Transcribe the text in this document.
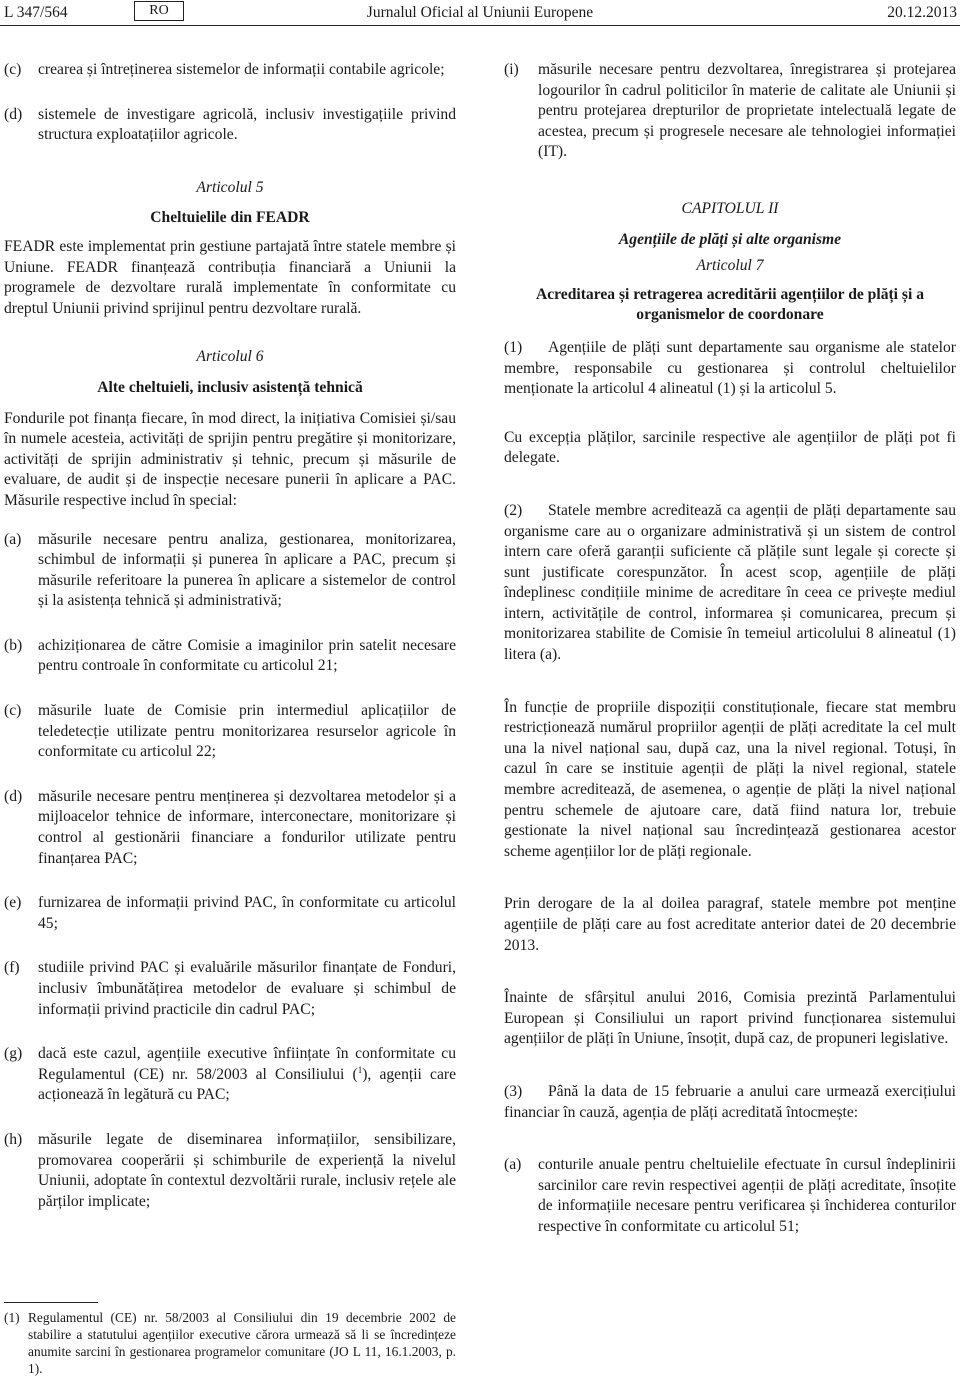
L 347/564	RO	Jurnalul Oficial al Uniunii Europene	20.12.2013
(c)	crearea și întreținerea sistemelor de informații contabile agricole;
(d)	sistemele de investigare agricolă, inclusiv investigațiile privind structura exploatațiilor agricole.
Articolul 5
Cheltuielile din FEADR

FEADR este implementat prin gestiune partajată între statele membre și Uniune. FEADR finanțează contribuția financiară a Uniunii la programele de dezvoltare rurală implementate în conformitate cu dreptul Uniunii privind sprijinul pentru dezvoltare rurală.

Articolul 6
Alte cheltuieli, inclusiv asistență tehnică

Fondurile pot finanța fiecare, în mod direct, la inițiativa Comisiei și/sau în numele acesteia, activități de sprijin pentru pregătire și monitorizare, activități de sprijin administrativ și tehnic, precum și măsurile de evaluare, de audit și de inspecție necesare punerii în aplicare a PAC. Măsurile respective includ în special:

(a)	măsurile necesare pentru analiza, gestionarea, monitorizarea, schimbul de informații și punerea în aplicare a PAC, precum și măsurile referitoare la punerea în aplicare a sistemelor de control și la asistența tehnică și administrativă;
(b)	achiziționarea de către Comisie a imaginilor prin satelit necesare pentru controale în conformitate cu articolul 21;
(c)	măsurile luate de Comisie prin intermediul aplicațiilor de teledetecție utilizate pentru monitorizarea resurselor agricole în conformitate cu articolul 22;
(d)	măsurile necesare pentru menținerea și dezvoltarea metodelor și a mijloacelor tehnice de informare, interconectare, monitorizare și control al gestionării financiare a fondurilor utilizate pentru finanțarea PAC;
(e)	furnizarea de informații privind PAC, în conformitate cu articolul 45;
(f)	studiile privind PAC și evaluările măsurilor finanțate de Fonduri, inclusiv îmbunătățirea metodelor de evaluare și schimbul de informații privind practicile din cadrul PAC;
(g)	dacă este cazul, agențiile executive înființate în conformitate cu Regulamentul (CE) nr. 58/2003 al Consiliului ($^1$), agenții care acționează în legătură cu PAC;
(h)	măsurile legate de diseminarea informațiilor, sensibilizare, promovarea cooperării și schimburile de experiență la nivelul Uniunii, adoptate în contextul dezvoltării rurale, inclusiv rețele ale părților implicate;
(i)	măsurile necesare pentru dezvoltarea, înregistrarea și protejarea logourilor în cadrul politicilor în materie de calitate ale Uniunii și pentru protejarea drepturilor de proprietate intelectuală legate de acestea, precum și progresele necesare ale tehnologiei informației (IT).
CAPITOLUL II
Agențiile de plăți și alte organisme
Articolul 7
Acreditarea și retragerea acreditării agențiilor de plăți și a organismelor de coordonare

(1) Agențiile de plăți sunt departamente sau organisme ale statelor membre, responsabile cu gestionarea și controlul cheltuielilor menționate la articolul 4 alineatul (1) și la articolul 5.

Cu excepția plăților, sarcinile respective ale agențiilor de plăți pot fi delegate.

(2) Statele membre acreditează ca agenții de plăți departamente sau organisme care au o organizare administrativă și un sistem de control intern care oferă garanții suficiente că plățile sunt legale și corecte și sunt justificate corespunzător. În acest scop, agențiile de plăți îndeplinesc condițiile minime de acreditare în ceea ce privește mediul intern, activitățile de control, informarea și comunicarea, precum și monitorizarea stabilite de Comisie în temeiul articolului 8 alineatul (1) litera (a).

În funcție de propriile dispoziții constituționale, fiecare stat membru restricționează numărul propriilor agenții de plăți acreditate la cel mult una la nivel național sau, după caz, una la nivel regional. Totuși, în cazul în care se instituie agenții de plăți la nivel regional, statele membre acreditează, de asemenea, o agenție de plăți la nivel național pentru schemele de ajutoare care, dată fiind natura lor, trebuie gestionate la nivel național sau încredințează gestionarea acestor scheme agențiilor lor de plăți regionale.

Prin derogare de la al doilea paragraf, statele membre pot menține agențiile de plăți care au fost acreditate anterior datei de 20 decembrie 2013.

Înainte de sfârșitul anului 2016, Comisia prezintă Parlamentului European și Consiliului un raport privind funcționarea sistemului agențiilor de plăți în Uniune, însoțit, după caz, de propuneri legislative.

(3) Până la data de 15 februarie a anului care urmează exercițiului financiar în cauză, agenția de plăți acreditată întocmește:

(a)	conturile anuale pentru cheltuielile efectuate în cursul îndeplinirii sarcinilor care revin respectivei agenții de plăți acreditate, însoțite de informațiile necesare pentru verificarea și închiderea conturilor respective în conformitate cu articolul 51;
(1) Regulamentul (CE) nr. 58/2003 al Consiliului din 19 decembrie 2002 de stabilire a statutului agențiilor executive cărora urmează să li se încredințeze anumite sarcini în gestionarea programelor comunitare (JO L 11, 16.1.2003, p. 1).
